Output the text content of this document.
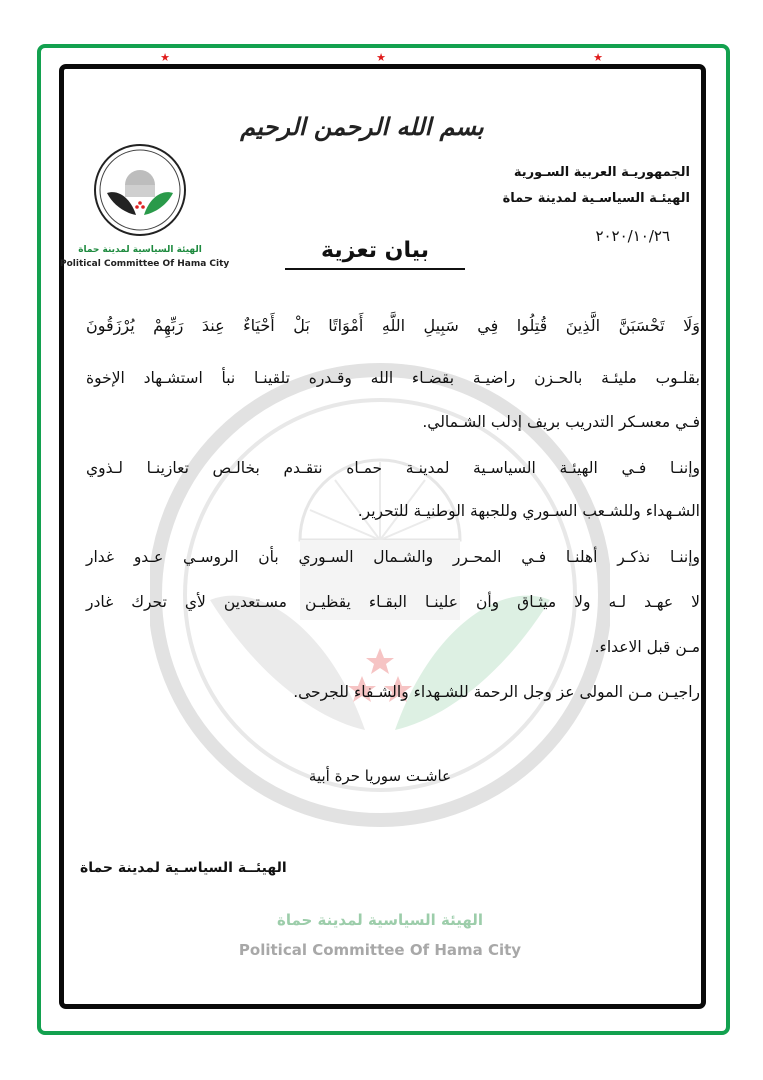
★	★	★
الهيئة السياسية لمدينة حماة
Political Committee Of Hama City
بسم الله الرحمن الرحيم
الهيئة السياسية لمدينة حماة
Political Committee Of Hama City
الجمهوريـة العربية السـورية
الهيئـة السياسـية لمدينة حماة
٢٠٢٠/١٠/٢٦
بيان تعزية
وَلَا تَحْسَبَنَّ الَّذِينَ قُتِلُوا فِي سَبِيلِ اللَّهِ أَمْوَاتًا بَلْ أَحْيَاءٌ عِندَ رَبِّهِمْ يُرْزَقُونَ
بقلـوب مليئـة بالحـزن راضيـة بقضـاء الله وقـدره تلقينـا نبأ استشـهاد الإخوة
فـي معسـكر التدريب بريف إدلب الشـمالي.
وإننـا فـي الهيئـة السياسـية لمدينـة حمـاه نتقـدم بخالـص تعازينـا لـذوي
الشـهداء وللشـعب السـوري وللجبهة الوطنيـة للتحرير.
وإننـا نذكـر أهلنـا فـي المحـرر والشـمال السـوري بأن الروسـي عـدو غدار
لا عهـد لـه ولا ميثـاق وأن علينـا البقـاء يقظيـن مسـتعدين لأي تحرك غادر
مـن قبل الاعداء.
راجيـن مـن المولى عز وجل الرحمة للشـهداء والشـفاء للجرحى.
عاشـت سوريا حرة أبية
الهيئــة السياسـية لمدينة حماة
